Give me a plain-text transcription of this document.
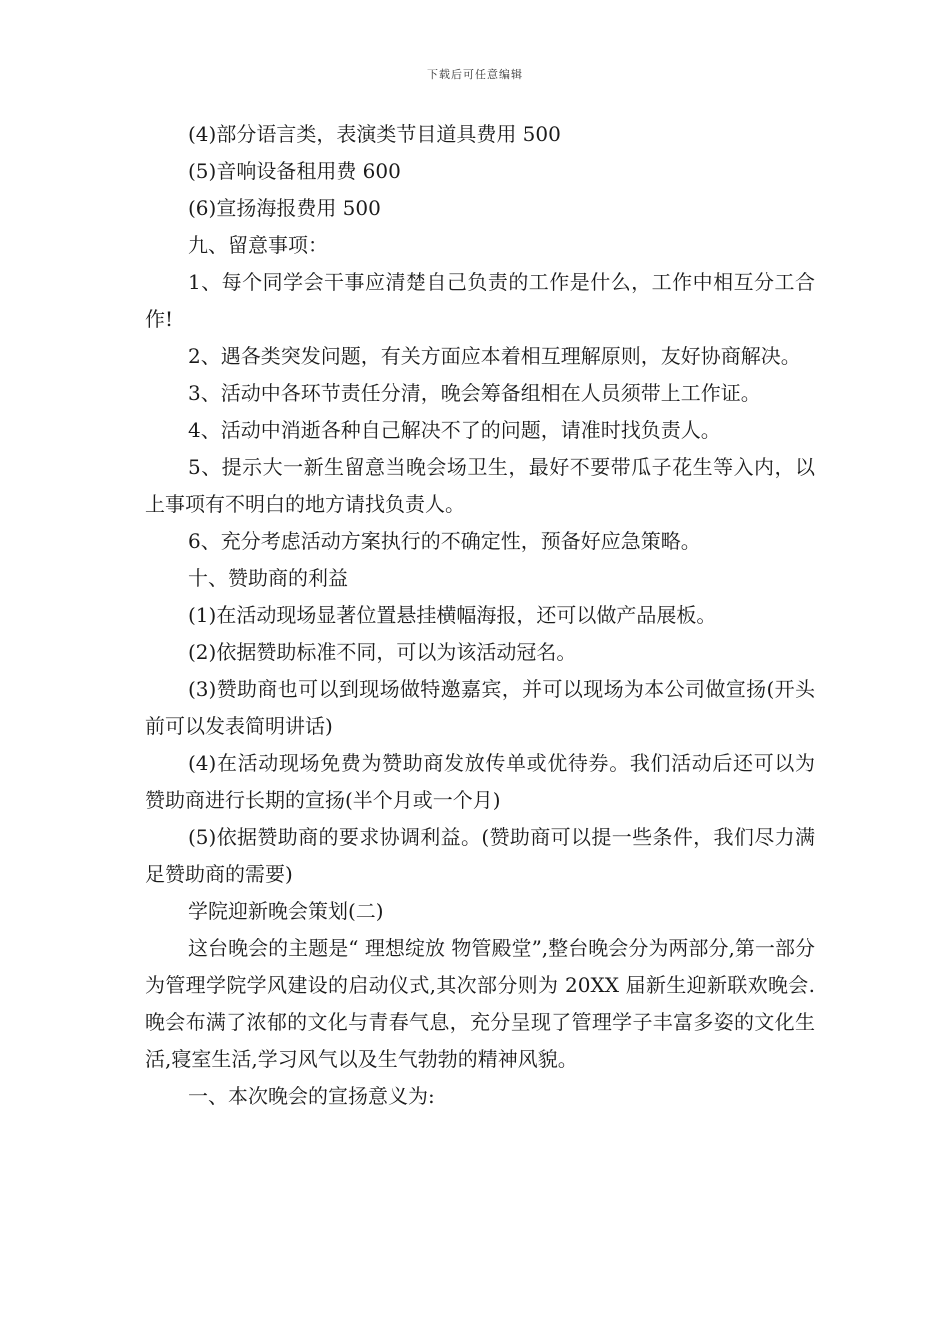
下载后可任意编辑

(4)部分语言类，表演类节目道具费用 500

(5)音响设备租用费 600

(6)宣扬海报费用 500

九、留意事项：

1、每个同学会干事应清楚自己负责的工作是什么，工作中相互分工合作!

2、遇各类突发问题，有关方面应本着相互理解原则，友好协商解决。

3、活动中各环节责任分清，晚会筹备组相在人员须带上工作证。

4、活动中消逝各种自己解决不了的问题，请准时找负责人。

5、提示大一新生留意当晚会场卫生，最好不要带瓜子花生等入内，以上事项有不明白的地方请找负责人。

6、充分考虑活动方案执行的不确定性，预备好应急策略。

十、赞助商的利益

(1)在活动现场显著位置悬挂横幅海报，还可以做产品展板。

(2)依据赞助标准不同，可以为该活动冠名。

(3)赞助商也可以到现场做特邀嘉宾，并可以现场为本公司做宣扬(开头前可以发表简明讲话)

(4)在活动现场免费为赞助商发放传单或优待券。我们活动后还可以为赞助商进行长期的宣扬(半个月或一个月)

(5)依据赞助商的要求协调利益。(赞助商可以提一些条件，我们尽力满足赞助商的需要)

学院迎新晚会策划(二)

这台晚会的主题是“ 理想绽放 物管殿堂”,整台晚会分为两部分,第一部分为管理学院学风建设的启动仪式,其次部分则为 20XX 届新生迎新联欢晚会.晚会布满了浓郁的文化与青春气息，充分呈现了管理学子丰富多姿的文化生活,寝室生活,学习风气以及生气勃勃的精神风貌。

一、本次晚会的宣扬意义为:
